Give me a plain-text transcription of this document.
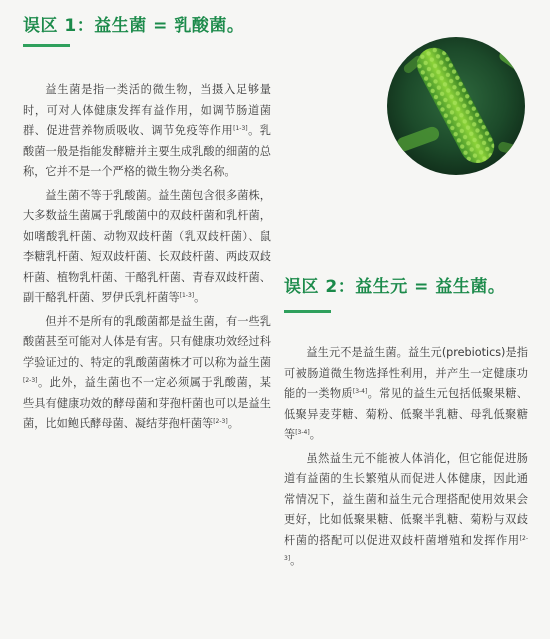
误区 1：益生菌 = 乳酸菌。

益生菌是指一类活的微生物，当摄入足够量时，可对人体健康发挥有益作用，如调节肠道菌群、促进营养物质吸收、调节免疫等作用[1-3]。乳酸菌一般是指能发酵糖并主要生成乳酸的细菌的总称，它并不是一个严格的微生物分类名称。

益生菌不等于乳酸菌。益生菌包含很多菌株，大多数益生菌属于乳酸菌中的双歧杆菌和乳杆菌，如嗜酸乳杆菌、动物双歧杆菌（乳双歧杆菌）、鼠李糖乳杆菌、短双歧杆菌、长双歧杆菌、两歧双歧杆菌、植物乳杆菌、干酪乳杆菌、青春双歧杆菌、副干酪乳杆菌、罗伊氏乳杆菌等[1-3]。

但并不是所有的乳酸菌都是益生菌，有一些乳酸菌甚至可能对人体是有害。只有健康功效经过科学验证过的、特定的乳酸菌菌株才可以称为益生菌[2-3]。此外，益生菌也不一定必须属于乳酸菌，某些具有健康功效的酵母菌和芽孢杆菌也可以是益生菌，比如鲍氏酵母菌、凝结芽孢杆菌等[2-3]。

误区 2：益生元 = 益生菌。

益生元不是益生菌。益生元(prebiotics)是指可被肠道微生物选择性利用，并产生一定健康功能的一类物质[3-4]。常见的益生元包括低聚果糖、低聚异麦芽糖、菊粉、低聚半乳糖、母乳低聚糖等[3-4]。

虽然益生元不能被人体消化，但它能促进肠道有益菌的生长繁殖从而促进人体健康，因此通常情况下，益生菌和益生元合理搭配使用效果会更好，比如低聚果糖、低聚半乳糖、菊粉与双歧杆菌的搭配可以促进双歧杆菌增殖和发挥作用[2-3]。
